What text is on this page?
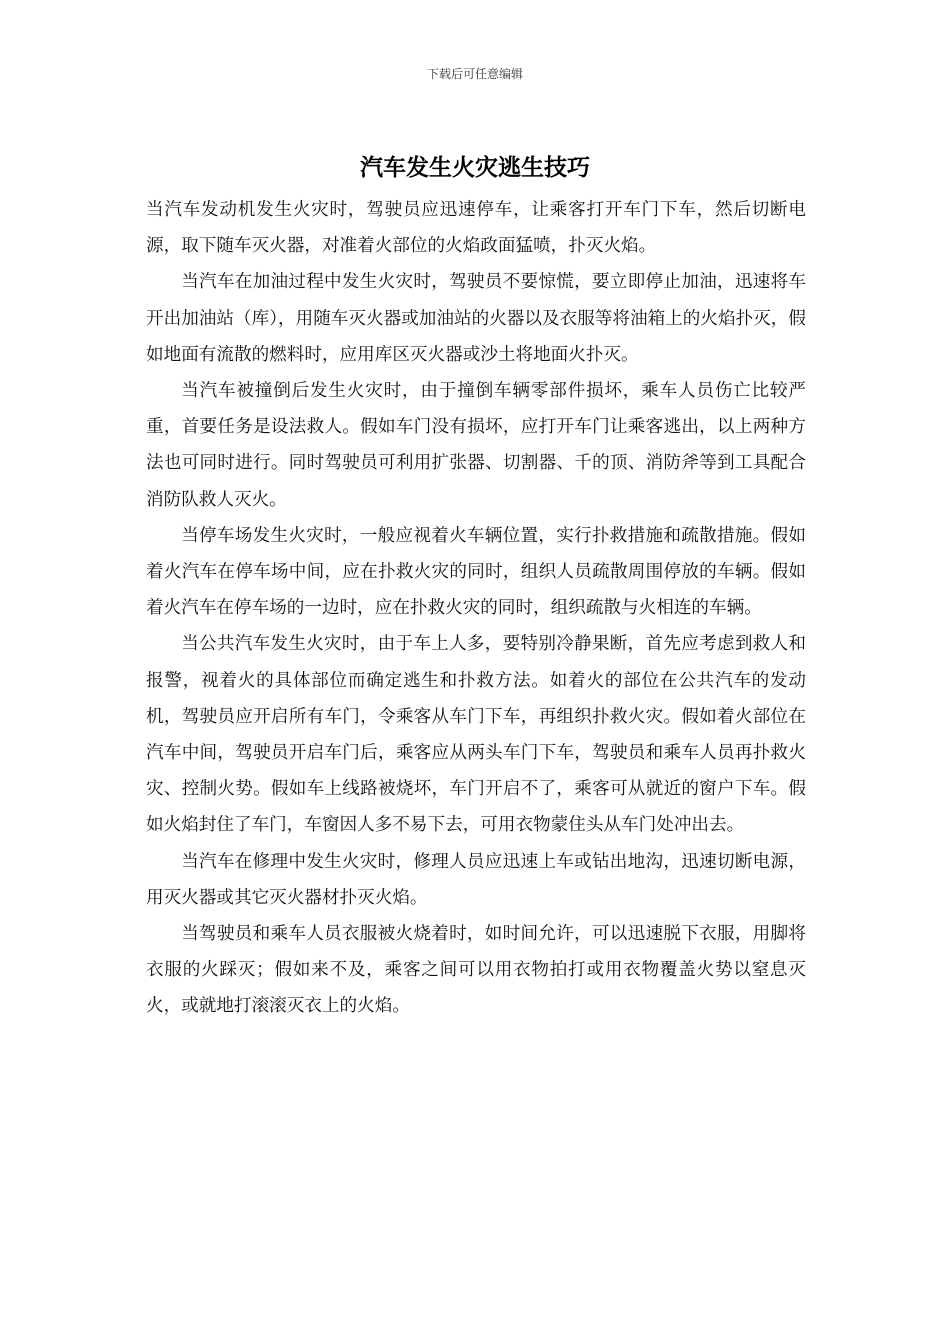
下载后可任意编辑
汽车发生火灾逃生技巧

当汽车发动机发生火灾时，驾驶员应迅速停车，让乘客打开车门下车，然后切断电源，取下随车灭火器，对准着火部位的火焰政面猛喷，扑灭火焰。

当汽车在加油过程中发生火灾时，驾驶员不要惊慌，要立即停止加油，迅速将车开出加油站（库），用随车灭火器或加油站的火器以及衣服等将油箱上的火焰扑灭，假如地面有流散的燃料时，应用库区灭火器或沙土将地面火扑灭。

当汽车被撞倒后发生火灾时，由于撞倒车辆零部件损坏，乘车人员伤亡比较严重，首要任务是设法救人。假如车门没有损坏，应打开车门让乘客逃出，以上两种方法也可同时进行。同时驾驶员可利用扩张器、切割器、千的顶、消防斧等到工具配合消防队救人灭火。

当停车场发生火灾时，一般应视着火车辆位置，实行扑救措施和疏散措施。假如着火汽车在停车场中间，应在扑救火灾的同时，组织人员疏散周围停放的车辆。假如着火汽车在停车场的一边时，应在扑救火灾的同时，组织疏散与火相连的车辆。

当公共汽车发生火灾时，由于车上人多，要特别冷静果断，首先应考虑到救人和报警，视着火的具体部位而确定逃生和扑救方法。如着火的部位在公共汽车的发动机，驾驶员应开启所有车门，令乘客从车门下车，再组织扑救火灾。假如着火部位在汽车中间，驾驶员开启车门后，乘客应从两头车门下车，驾驶员和乘车人员再扑救火灾、控制火势。假如车上线路被烧坏，车门开启不了，乘客可从就近的窗户下车。假如火焰封住了车门，车窗因人多不易下去，可用衣物蒙住头从车门处冲出去。

当汽车在修理中发生火灾时，修理人员应迅速上车或钻出地沟，迅速切断电源，用灭火器或其它灭火器材扑灭火焰。

当驾驶员和乘车人员衣服被火烧着时，如时间允许，可以迅速脱下衣服，用脚将衣服的火踩灭；假如来不及，乘客之间可以用衣物拍打或用衣物覆盖火势以窒息灭火，或就地打滚滚灭衣上的火焰。
